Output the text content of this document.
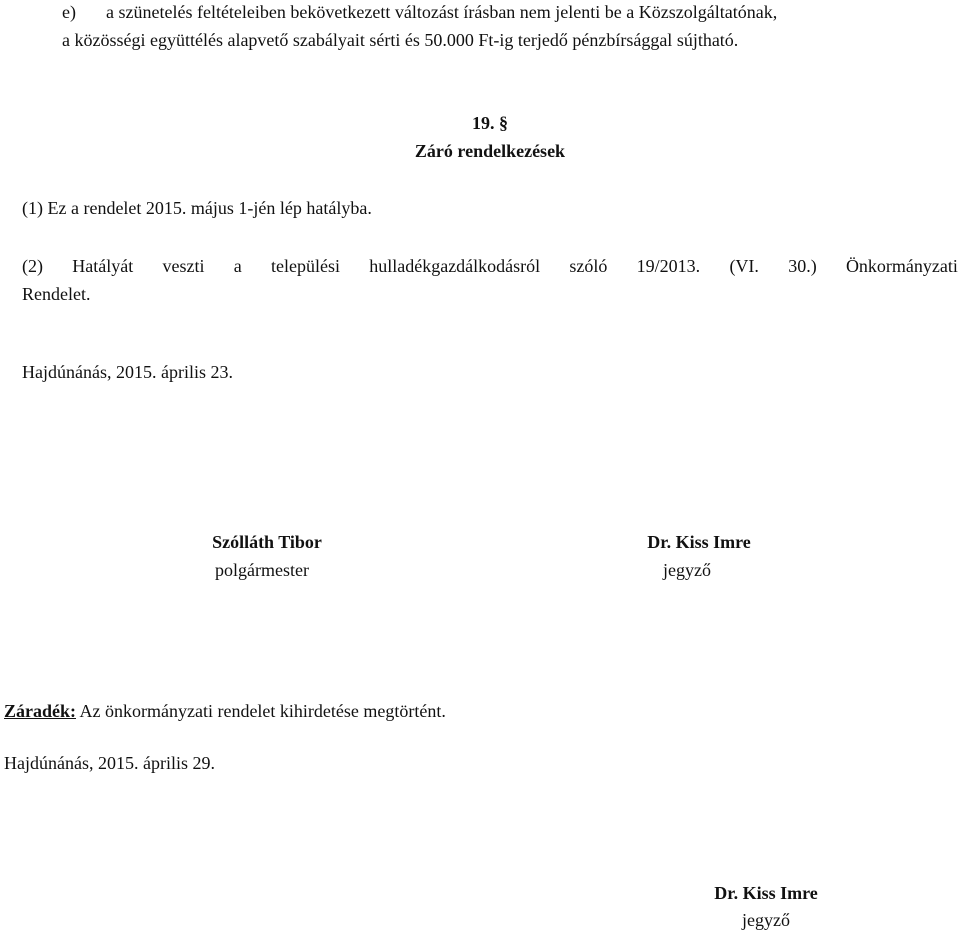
e) a szünetelés feltételeiben bekövetkezett változást írásban nem jelenti be a Közszolgáltatónak,
a közösségi együttélés alapvető szabályait sérti és 50.000 Ft-ig terjedő pénzbírsággal sújtható.
19. §
Záró rendelkezések
(1) Ez a rendelet 2015. május 1-jén lép hatályba.
(2) Hatályát veszti a települési hulladékgazdálkodásról szóló 19/2013. (VI. 30.) Önkormányzati
Rendelet.
Hajdúnánás, 2015. április 23.
Szólláth Tibor
polgármester
Dr. Kiss Imre
jegyző
Záradék: Az önkormányzati rendelet kihirdetése megtörtént.
Hajdúnánás, 2015. április 29.
Dr. Kiss Imre
jegyző
